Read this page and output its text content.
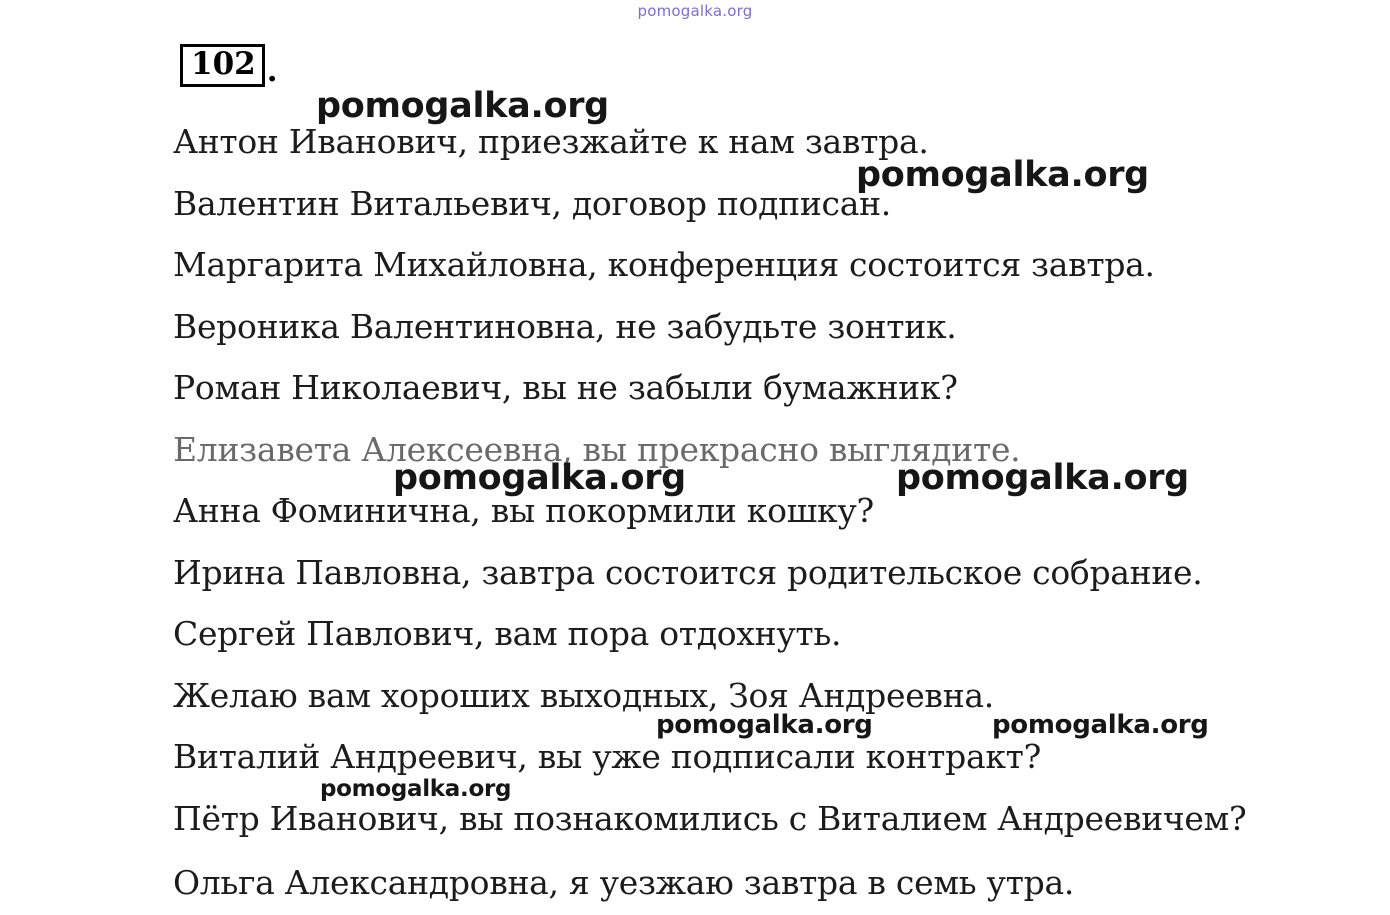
pomogalka.org
102 .
Антон Иванович, приезжайте к нам завтра.
Валентин Витальевич, договор подписан.
Маргарита Михайловна, конференция состоится завтра.
Вероника Валентиновна, не забудьте зонтик.
Роман Николаевич, вы не забыли бумажник?
Елизавета Алексеевна, вы прекрасно выглядите.
Анна Фоминична, вы покормили кошку?
Ирина Павловна, завтра состоится родительское собрание.
Сергей Павлович, вам пора отдохнуть.
Желаю вам хороших выходных, Зоя Андреевна.
Виталий Андреевич, вы уже подписали контракт?
Пётр Иванович, вы познакомились с Виталием Андреевичем?
Ольга Александровна, я уезжаю завтра в семь утра.
pomogalka.org
pomogalka.org
pomogalka.org	pomogalka.org
pomogalka.org	pomogalka.org
pomogalka.org
